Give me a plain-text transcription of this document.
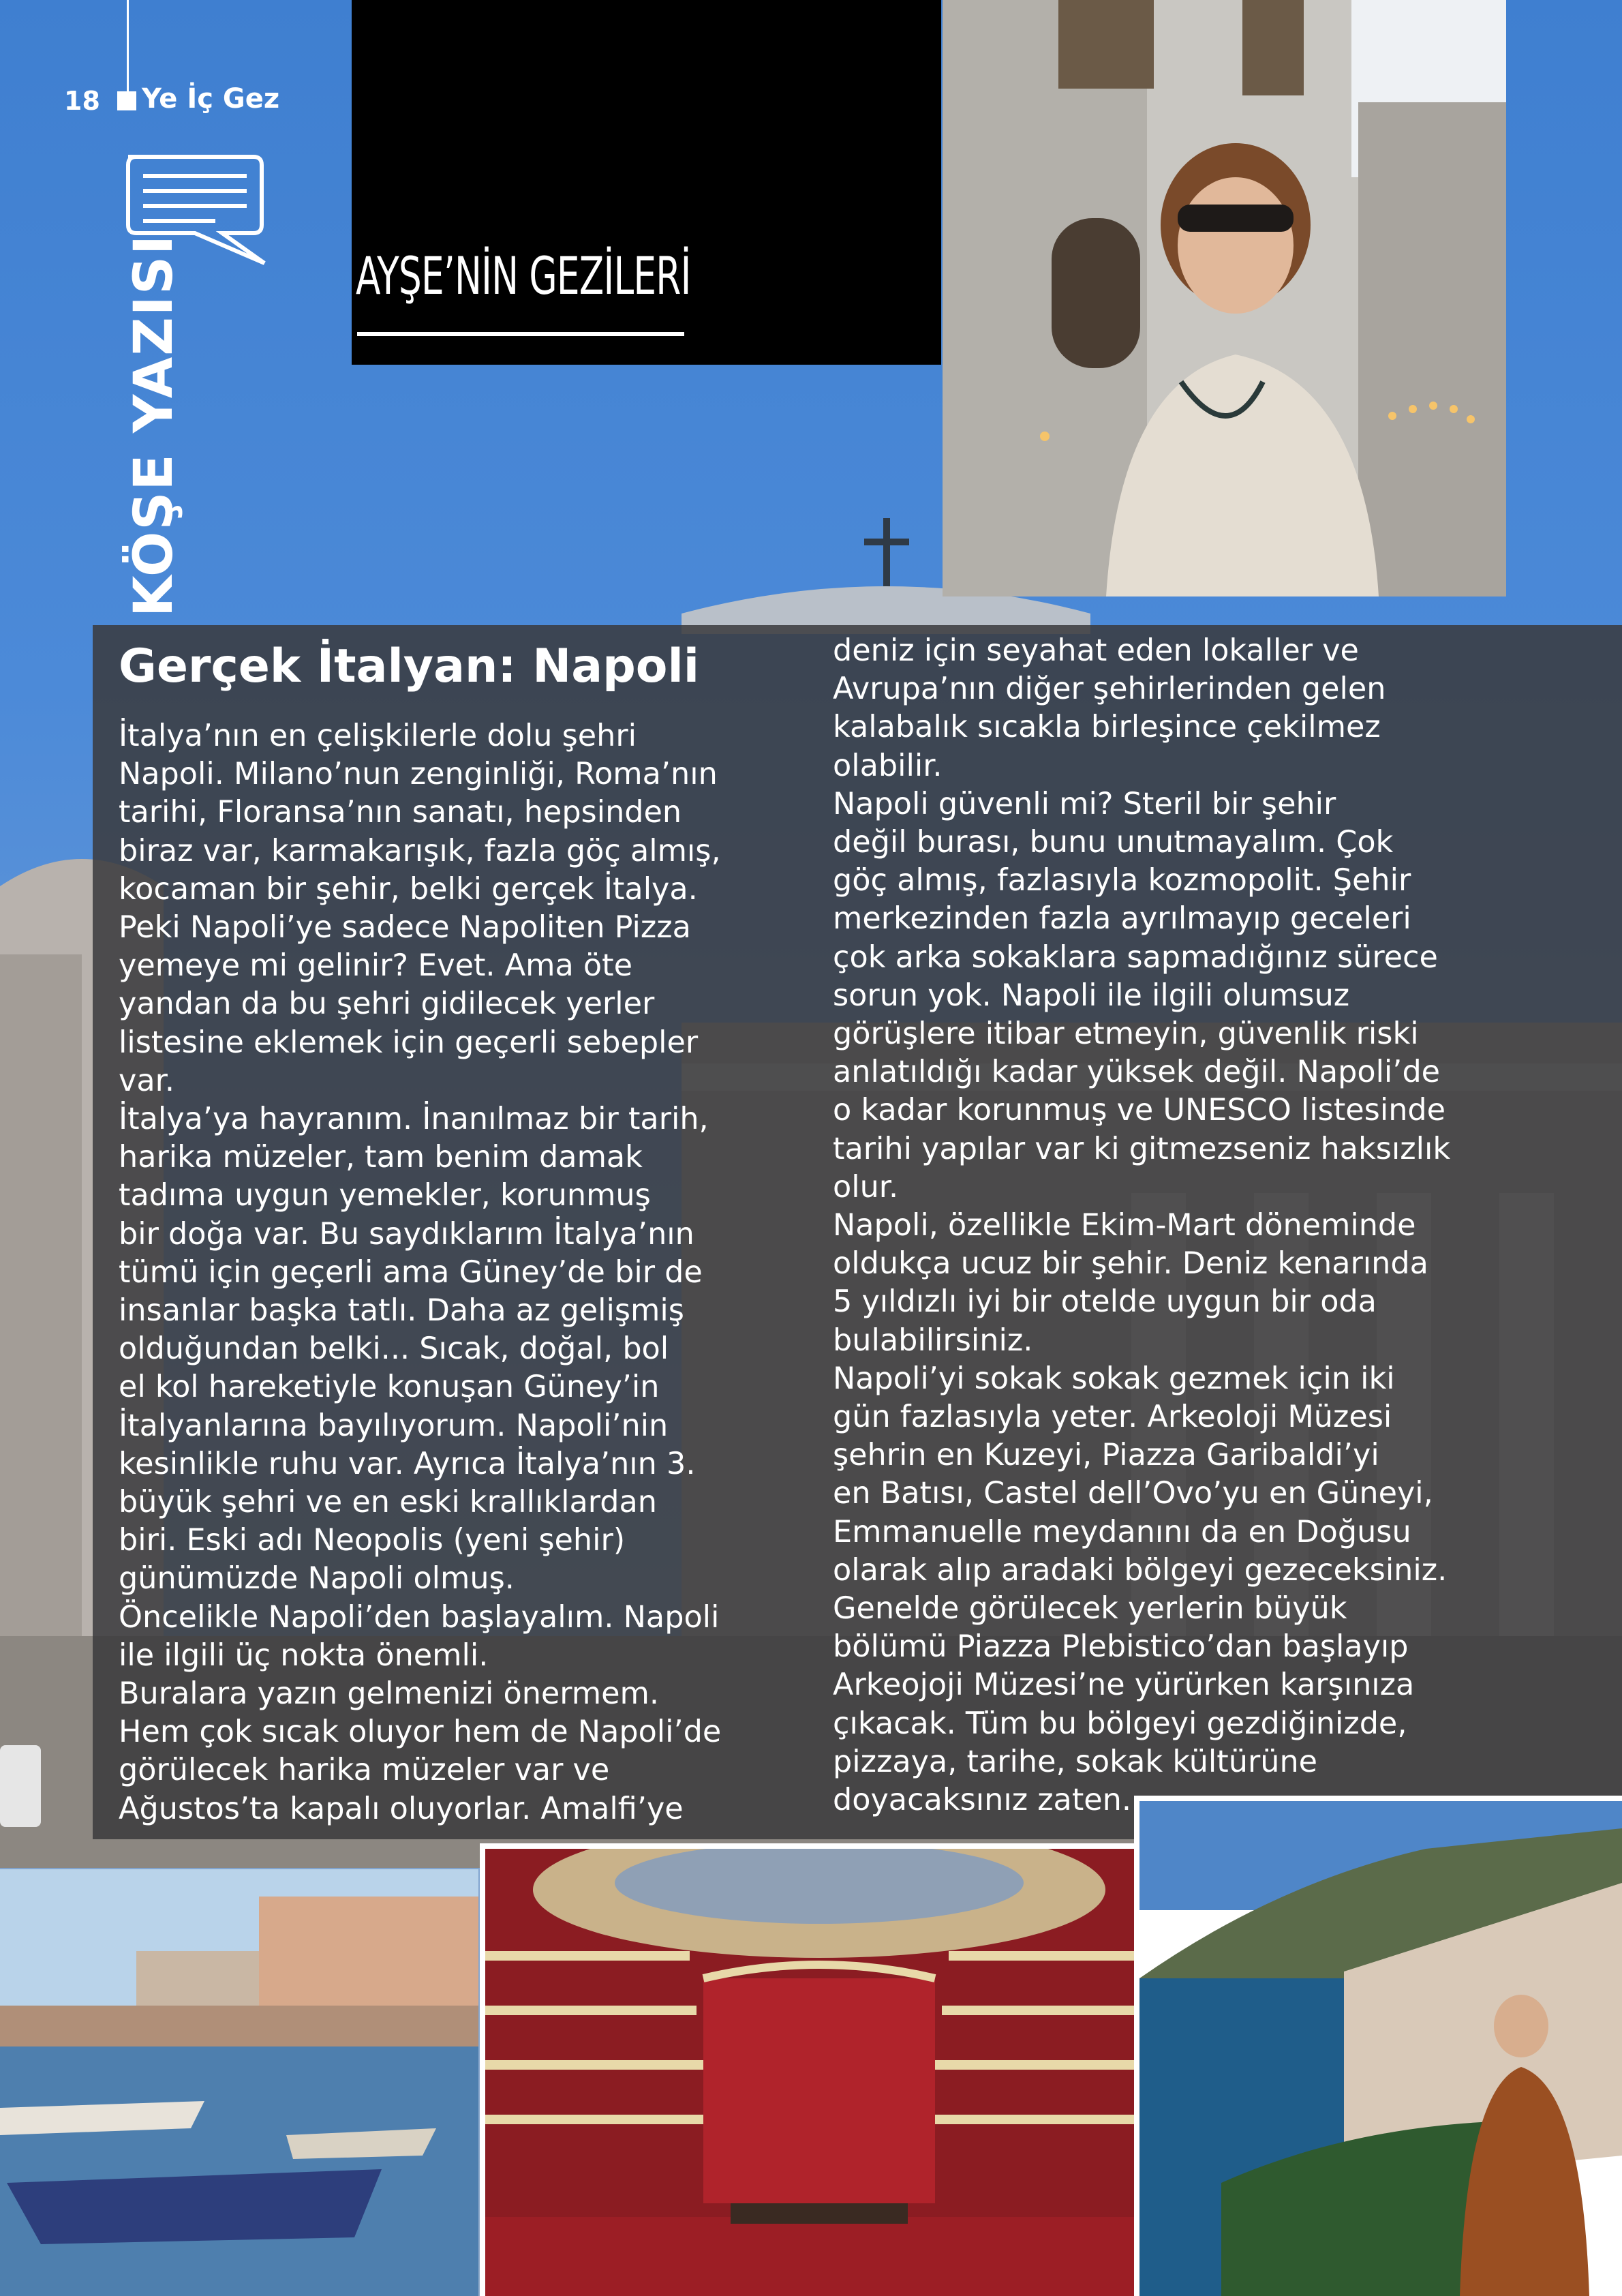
18 Ye İç Gez
KÖŞE YAZISI	AYŞE’NİN GEZİLERİ
Gerçek İtalyan: Napoli

İtalya’nın en çelişkilerle dolu şehri

Napoli. Milano’nun zenginliği, Roma’nın

tarihi, Floransa’nın sanatı, hepsinden

biraz var, karmakarışık, fazla göç almış,

kocaman bir şehir, belki gerçek İtalya.

Peki Napoli’ye sadece Napoliten Pizza

yemeye mi gelinir? Evet. Ama öte

yandan da bu şehri gidilecek yerler

listesine eklemek için geçerli sebepler

var.

İtalya’ya hayranım. İnanılmaz bir tarih,

harika müzeler, tam benim damak

tadıma uygun yemekler, korunmuş

bir doğa var. Bu saydıklarım İtalya’nın

tümü için geçerli ama Güney’de bir de

insanlar başka tatlı. Daha az gelişmiş

olduğundan belki... Sıcak, doğal, bol

el kol hareketiyle konuşan Güney’in

İtalyanlarına bayılıyorum. Napoli’nin

kesinlikle ruhu var. Ayrıca İtalya’nın 3.

büyük şehri ve en eski krallıklardan

biri. Eski adı Neopolis (yeni şehir)

günümüzde Napoli olmuş.

Öncelikle Napoli’den başlayalım. Napoli

ile ilgili üç nokta önemli.

Buralara yazın gelmenizi önermem.

Hem çok sıcak oluyor hem de Napoli’de

görülecek harika müzeler var ve

Ağustos’ta kapalı oluyorlar. Amalfi’ye

deniz için seyahat eden lokaller ve

Avrupa’nın diğer şehirlerinden gelen

kalabalık sıcakla birleşince çekilmez

olabilir.

Napoli güvenli mi? Steril bir şehir

değil burası, bunu unutmayalım. Çok

göç almış, fazlasıyla kozmopolit. Şehir

merkezinden fazla ayrılmayıp geceleri

çok arka sokaklara sapmadığınız sürece

sorun yok. Napoli ile ilgili olumsuz

görüşlere itibar etmeyin, güvenlik riski

anlatıldığı kadar yüksek değil. Napoli’de

o kadar korunmuş ve UNESCO listesinde

tarihi yapılar var ki gitmezseniz haksızlık

olur.

Napoli, özellikle Ekim-Mart döneminde

oldukça ucuz bir şehir. Deniz kenarında

5 yıldızlı iyi bir otelde uygun bir oda

bulabilirsiniz.

Napoli’yi sokak sokak gezmek için iki

gün fazlasıyla yeter. Arkeoloji Müzesi

şehrin en Kuzeyi, Piazza Garibaldi’yi

en Batısı, Castel dell’Ovo’yu en Güneyi,

Emmanuelle meydanını da en Doğusu

olarak alıp aradaki bölgeyi gezeceksiniz.

Genelde görülecek yerlerin büyük

bölümü Piazza Plebistico’dan başlayıp

Arkeojoji Müzesi’ne yürürken karşınıza

çıkacak. Tüm bu bölgeyi gezdiğinizde,

pizzaya, tarihe, sokak kültürüne

doyacaksınız zaten.
